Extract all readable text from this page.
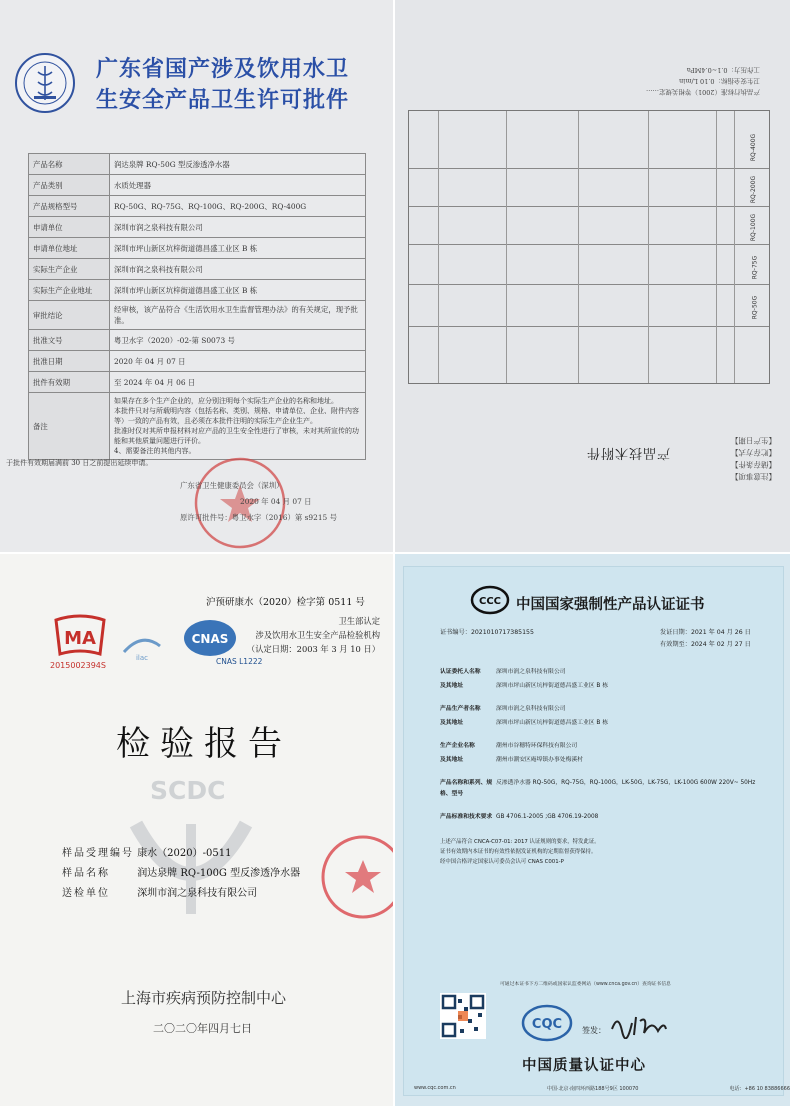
广东省国产涉及饮用水卫
生安全产品卫生许可批件
产品名称	润达泉牌 RQ-50G 型反渗透净水器
产品类别	水质处理器
产品规格型号	RQ-50G、RQ-75G、RQ-100G、RQ-200G、RQ-400G
申请单位	深圳市润之泉科技有限公司
申请单位地址	深圳市坪山新区坑梓街道德昌盛工业区 B 栋
实际生产企业	深圳市润之泉科技有限公司
实际生产企业地址	深圳市坪山新区坑梓街道德昌盛工业区 B 栋
审批结论	经审核，该产品符合《生活饮用水卫生监督管理办法》的有关规定，现予批准。
批准文号	粤卫水字（2020）-02-第 S0073 号
批准日期	2020 年 04 月 07 日
批件有效期	至 2024 年 04 月 06 日
备注	如果存在多个生产企业的，应分别注明每个实际生产企业的名称和地址。
本批件只对与所载明内容（包括名称、类别、规格、申请单位、企业、附件内容等）一致的产品有效，且必须在本批件注明的实际生产企业生产。
批准时仅对其所申报材料对应产品的卫生安全性进行了审核，未对其所宣传的功能和其他质量问题进行评价。
4、需要备注的其他内容。
于批件有效期届满前 30 日之前提出延续申请。
广东省卫生健康委员会（深圳）
2020 年 04 月 07 日
原许可批件号：粤卫水字（2016）第 s9215 号
【注意事项】
【储存条件】
【贮存方式】
【生产日期】
产品技术附件
RQ-50G
RQ-75G
RQ-100G
RQ-200G
RQ-400G
产品执行标准（2001）等相关规定……
卫生安全指标：0.10 L/min
工作压力：0.1~0.4MPa
沪预研康水（2020）检字第 0511 号
MA
2015002394S
ilac
CNAS
CNAS L1222
卫生部认定
涉及饮用水卫生安全产品检验机构
（认定日期：2003 年 3 月 10 日）
检验报告
SCDC
样品受理编号 康水（2020）-0511
样品名称	润达泉牌 RQ-100G 型反渗透净水器
送检单位	深圳市润之泉科技有限公司
上海市疾病预防控制中心
二〇二〇年四月七日
CCC 中国国家强制性产品认证证书
证书编号：2021010717385155	发证日期：2021 年 04 月 26 日
有效期至：2024 年 02 月 27 日
认证委托人名称	深圳市润之泉科技有限公司
及其地址	深圳市坪山新区坑梓街道德昌盛工业区 B 栋
产品生产者名称	深圳市润之泉科技有限公司
及其地址	深圳市坪山新区坑梓街道德昌盛工业区 B 栋
生产企业名称	潮州市谷穗特环保科技有限公司
及其地址	潮州市潮安区庵埠镇办事处梅溪村
产品名称和系列、规格、型号
反渗透净水器 RQ-50G，RQ-75G，RQ-100G，LK-50G，LK-75G，LK-100G 600W 220V~ 50Hz
产品标准和技术要求 GB 4706.1-2005 ;GB 4706.19-2008
上述产品符合 CNCA-C07-01: 2017 认证规则的要求，特发此证。
证书有效期内本证书的有效性依据发证机构的定期监督获得保持。
经中国合格评定国家认可委员会认可 CNAS C001-P
可通过本证书下方二维码或国家认监委网站（www.cnca.gov.cn）查询证书信息
CQC 签发：
中国质量认证中心
www.cqc.com.cn	中国·北京·南四环西路188号9区 100070	电话：+86 10 83886666
